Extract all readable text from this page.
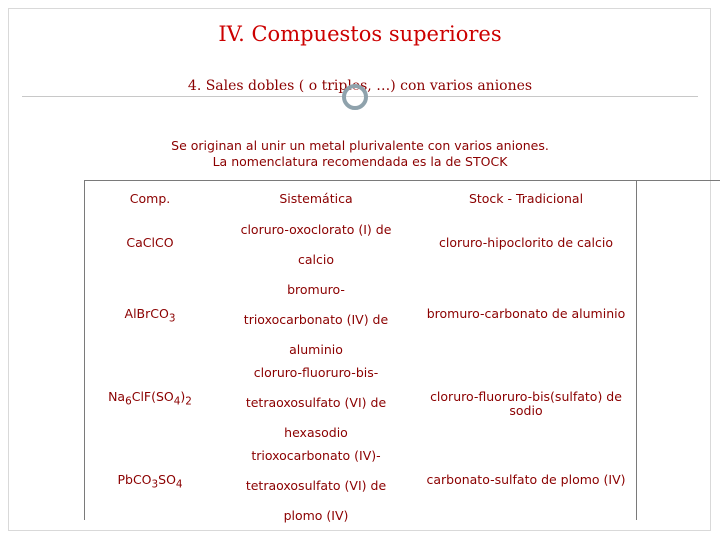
IV. Compuestos superiores
4. Sales dobles ( o triples, …) con varios aniones
Se originan al unir un metal plurivalente con varios aniones.
La nomenclatura recomendada es la de STOCK
Comp.	Sistemática	Stock - Tradicional
CaClCO
cloruro-oxoclorato (I) de
calcio
cloruro-hipoclorito de calcio
AlBrCO$_3$
bromuro-
trioxocarbonato (IV) de
aluminio
bromuro-carbonato de aluminio
$Na_6ClF(SO_4)_2$
cloruro-fluoruro-bis-
tetraoxosulfato (VI) de
hexasodio
cloruro-fluoruro-bis(sulfato) de sodio
$PbCO_3SO_4$
trioxocarbonato (IV)-
tetraoxosulfato (VI) de
plomo (IV)
carbonato-sulfato de plomo (IV)
